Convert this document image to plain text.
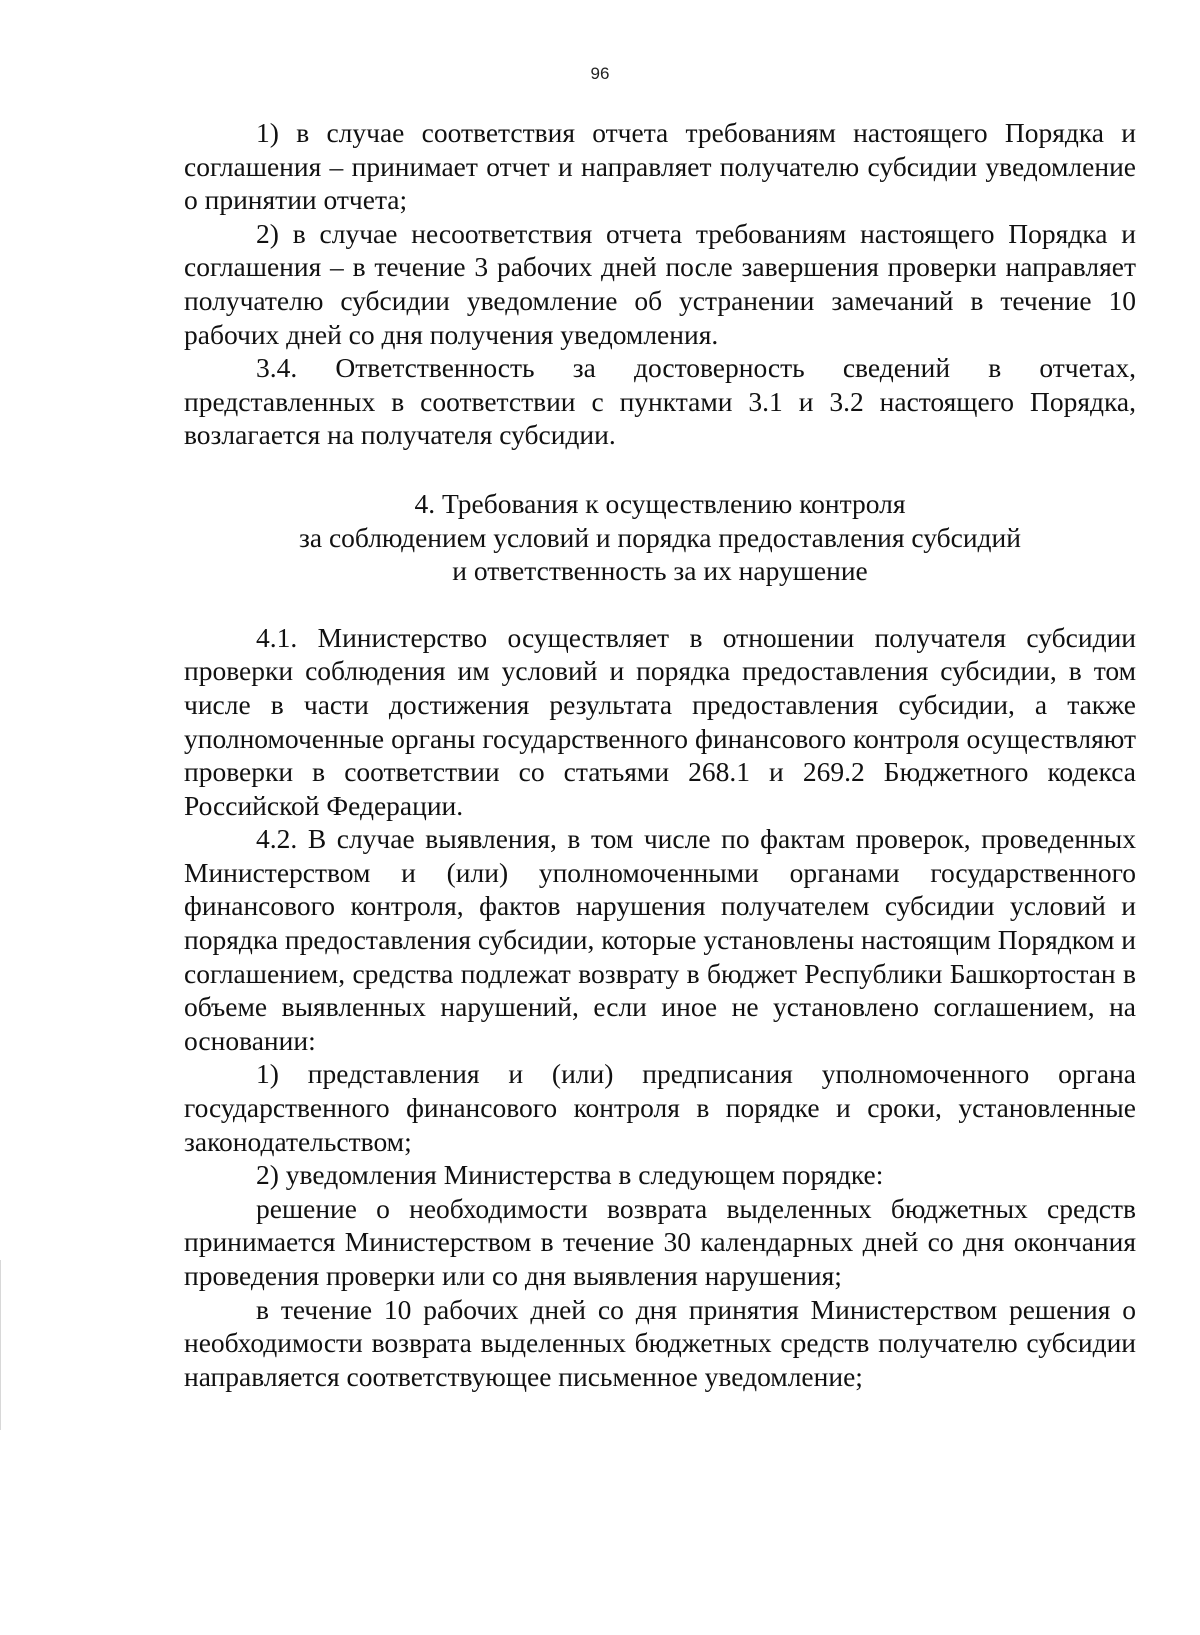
96

1) в случае соответствия отчета требованиям настоящего Порядка и соглашения – принимает отчет и направляет получателю субсидии уведомление о принятии отчета;

2) в случае несоответствия отчета требованиям настоящего Порядка и соглашения – в течение 3 рабочих дней после завершения проверки направляет получателю субсидии уведомление об устранении замечаний в течение 10 рабочих дней со дня получения уведомления.

3.4. Ответственность за достоверность сведений в отчетах, представленных в соответствии с пунктами 3.1 и 3.2 настоящего Порядка, возлагается на получателя субсидии.

4. Требования к осуществлению контроля
за соблюдением условий и порядка предоставления субсидий
и ответственность за их нарушение

4.1. Министерство осуществляет в отношении получателя субсидии проверки соблюдения им условий и порядка предоставления субсидии, в том числе в части достижения результата предоставления субсидии, а также уполномоченные органы государственного финансового контроля осуществляют проверки в соответствии со статьями 268.1 и 269.2 Бюджетного кодекса Российской Федерации.

4.2. В случае выявления, в том числе по фактам проверок, проведенных Министерством и (или) уполномоченными органами государственного финансового контроля, фактов нарушения получателем субсидии условий и порядка предоставления субсидии, которые установлены настоящим Порядком и соглашением, средства подлежат возврату в бюджет Республики Башкортостан в объеме выявленных нарушений, если иное не установлено соглашением, на основании:

1) представления и (или) предписания уполномоченного органа государственного финансового контроля в порядке и сроки, установленные законодательством;

2) уведомления Министерства в следующем порядке:

решение о необходимости возврата выделенных бюджетных средств принимается Министерством в течение 30 календарных дней со дня окончания проведения проверки или со дня выявления нарушения;

в течение 10 рабочих дней со дня принятия Министерством решения о необходимости возврата выделенных бюджетных средств получателю субсидии направляется соответствующее письменное уведомление;
